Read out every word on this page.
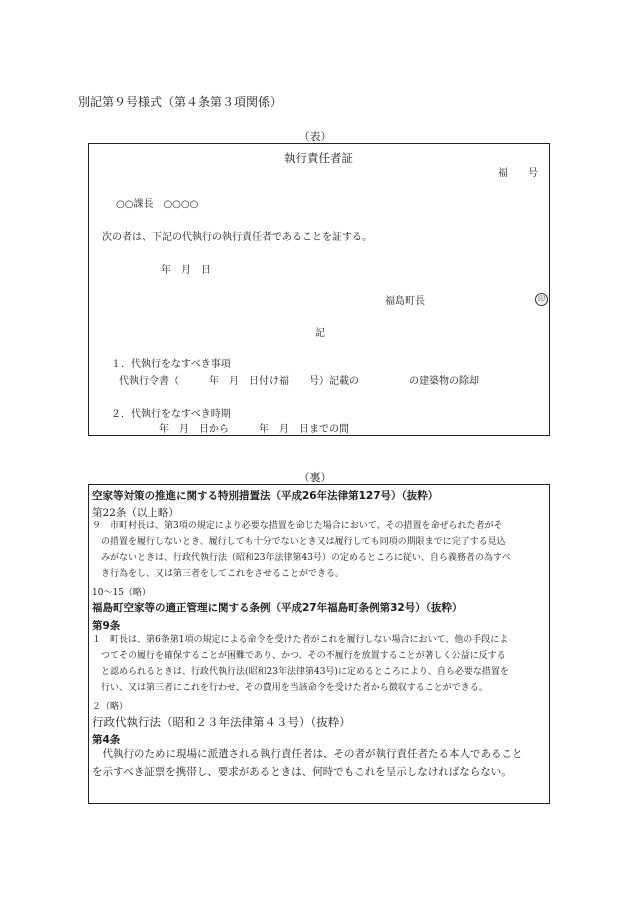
別記第９号様式（第４条第３項関係）
（表）
執行責任者証
福　　号
○○課長　○○○○
次の者は、下記の代執行の執行責任者であることを証する。
年　月　日
福島町長	印
記
１．代執行をなすべき事項
代執行令書（　　　年　月　日付け福　　号）記載の　　　　　の建築物の除却
２．代執行をなすべき時期
年　月　日から　　　年　月　日までの間
（裏）
空家等対策の推進に関する特別措置法（平成26年法律第127号）（抜粋）
第22条（以上略）
９　市町村長は、第3項の規定により必要な措置を命じた場合において、その措置を命ぜられた者がそ
　の措置を履行しないとき、履行しても十分でないとき又は履行しても同項の期限までに完了する見込
　みがないときは、行政代執行法（昭和23年法律第43号）の定めるところに従い、自ら義務者の為すべ
　き行為をし、又は第三者をしてこれをさせることができる。
10～15（略）
福島町空家等の適正管理に関する条例（平成27年福島町条例第32号）（抜粋）
第9条
１　町長は、第6条第1項の規定による命令を受けた者がこれを履行しない場合において、他の手段によ
　つてその履行を確保することが困難であり、かつ、その不履行を放置することが著しく公益に反する
　と認められるときは、行政代執行法(昭和23年法律第43号)に定めるところにより、自ら必要な措置を
　行い、又は第三者にこれを行わせ、その費用を当該命令を受けた者から徴収することができる。
２（略）
行政代執行法（昭和２３年法律第４３号）（抜粋）
第4条
　代執行のために現場に派遣される執行責任者は、その者が執行責任者たる本人であること
を示すべき証票を携帯し、要求があるときは、何時でもこれを呈示しなければならない。
